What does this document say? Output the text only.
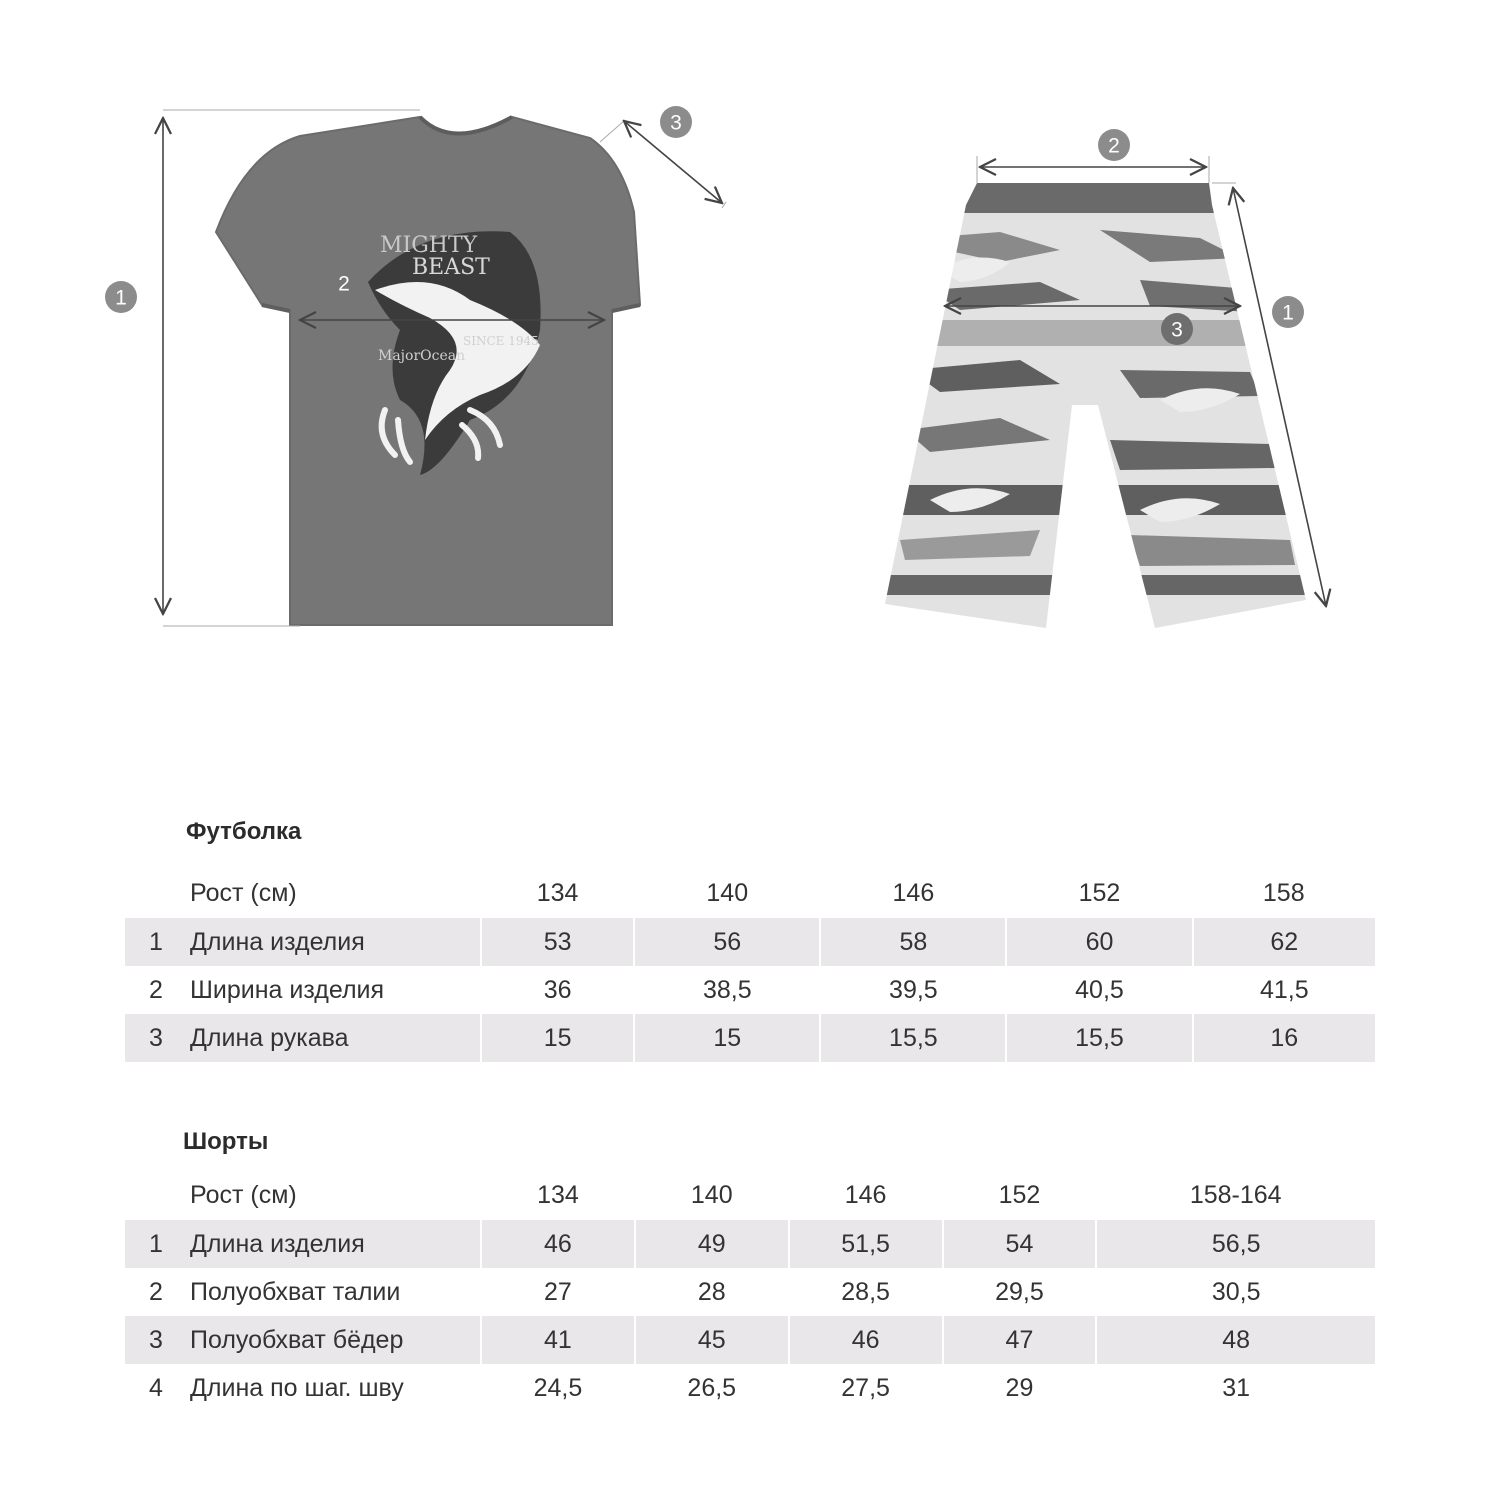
MIGHTY
BEAST
MajorOcean
SINCE 1945
1
2
3
1
2
3
Футболка
	Рост (см)	134	140	146	152	158
1	Длина изделия	53	56	58	60	62
2	Ширина изделия	36	38,5	39,5	40,5	41,5
3	Длина рукава	15	15	15,5	15,5	16
Шорты
	Рост (см)	134	140	146	152	158-164
1	Длина изделия	46	49	51,5	54	56,5
2	Полуобхват талии	27	28	28,5	29,5	30,5
3	Полуобхват бёдер	41	45	46	47	48
4	Длина по шаг. шву	24,5	26,5	27,5	29	31
